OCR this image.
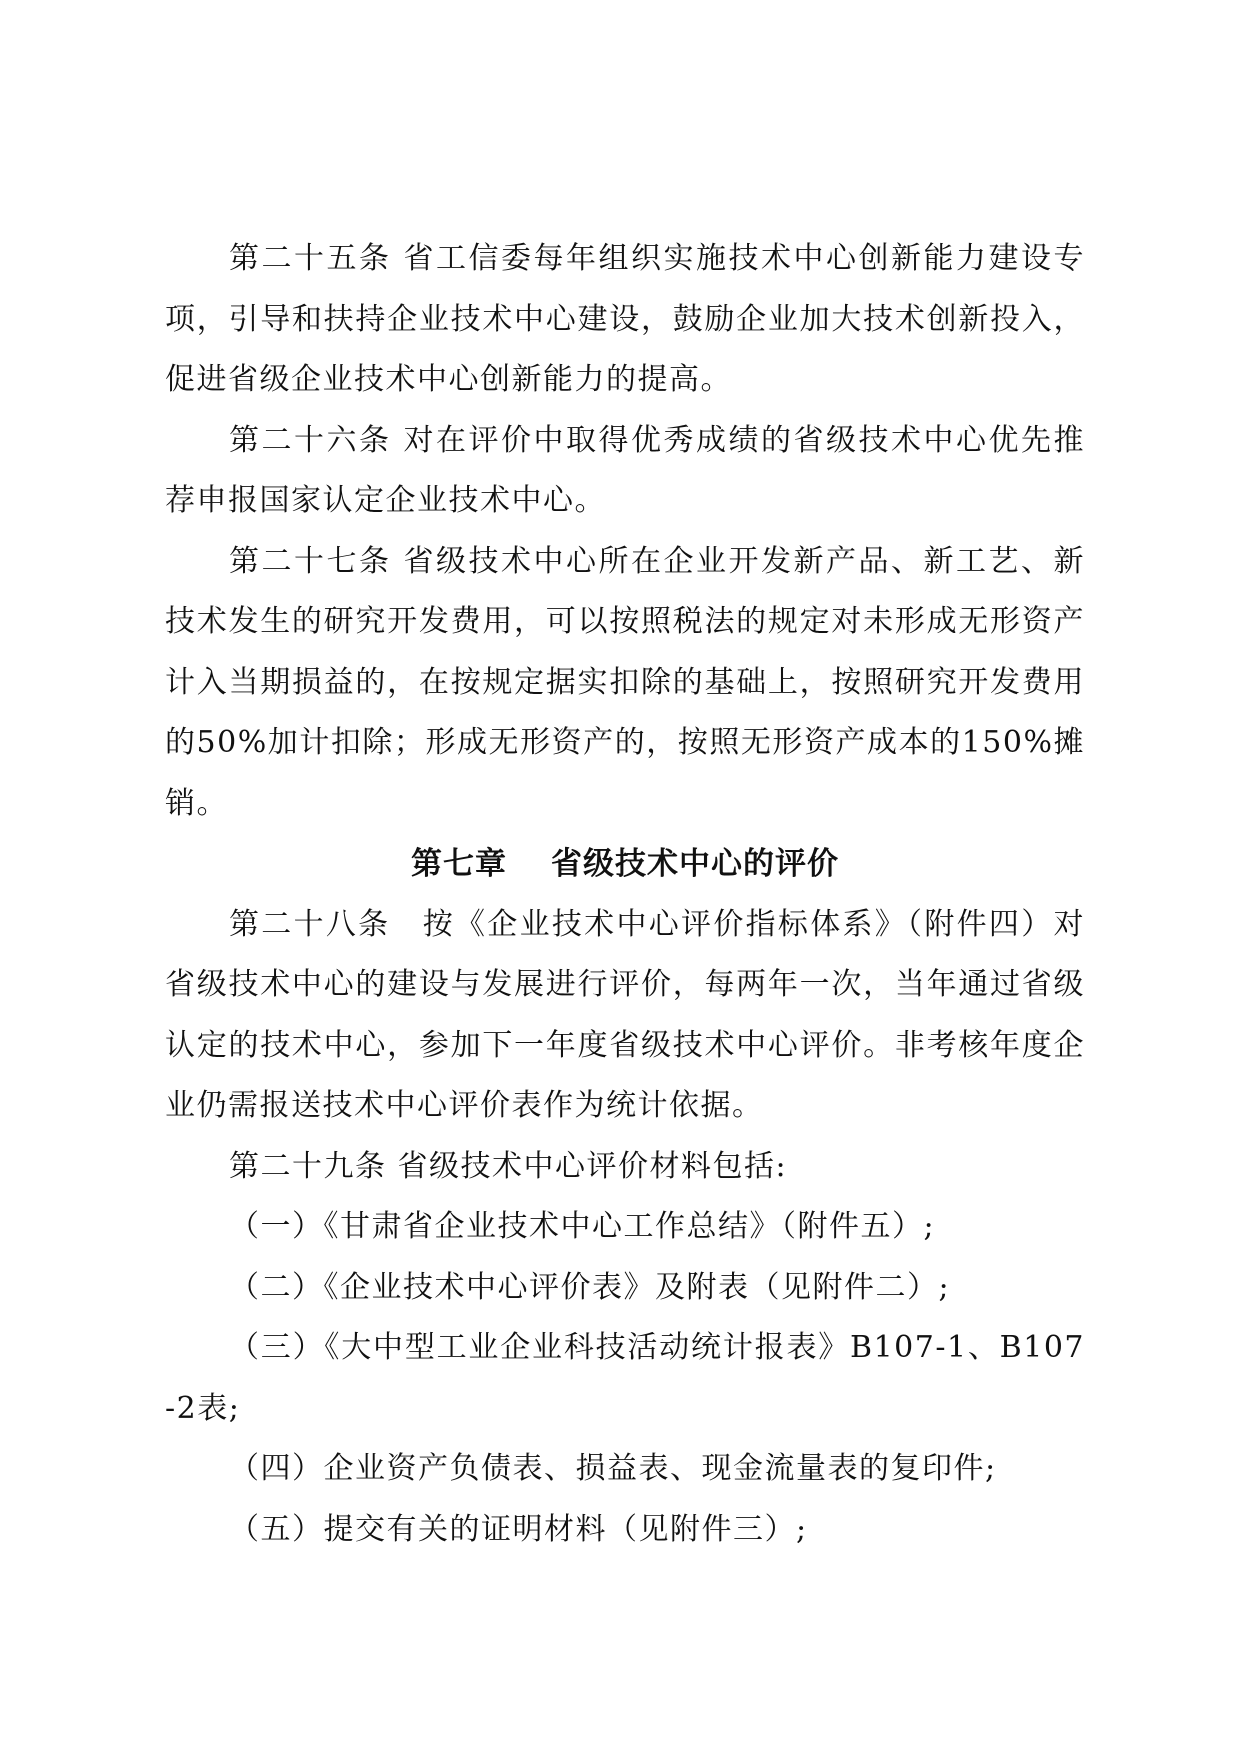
第二十五条 省工信委每年组织实施技术中心创新能力建设专项，引导和扶持企业技术中心建设，鼓励企业加大技术创新投入，促进省级企业技术中心创新能力的提高。

第二十六条 对在评价中取得优秀成绩的省级技术中心优先推荐申报国家认定企业技术中心。

第二十七条 省级技术中心所在企业开发新产品、新工艺、新技术发生的研究开发费用，可以按照税法的规定对未形成无形资产计入当期损益的，在按规定据实扣除的基础上，按照研究开发费用的50%加计扣除；形成无形资产的，按照无形资产成本的150%摊销。

第七章 省级技术中心的评价

第二十八条　按《企业技术中心评价指标体系》（附件四）对省级技术中心的建设与发展进行评价，每两年一次，当年通过省级认定的技术中心，参加下一年度省级技术中心评价。非考核年度企业仍需报送技术中心评价表作为统计依据。

第二十九条 省级技术中心评价材料包括:

（一）《甘肃省企业技术中心工作总结》（附件五）;

（二）《企业技术中心评价表》及附表（见附件二）;

（三）《大中型工业企业科技活动统计报表》B107-1、B107-2表;

（四）企业资产负债表、损益表、现金流量表的复印件;

（五）提交有关的证明材料（见附件三）;
